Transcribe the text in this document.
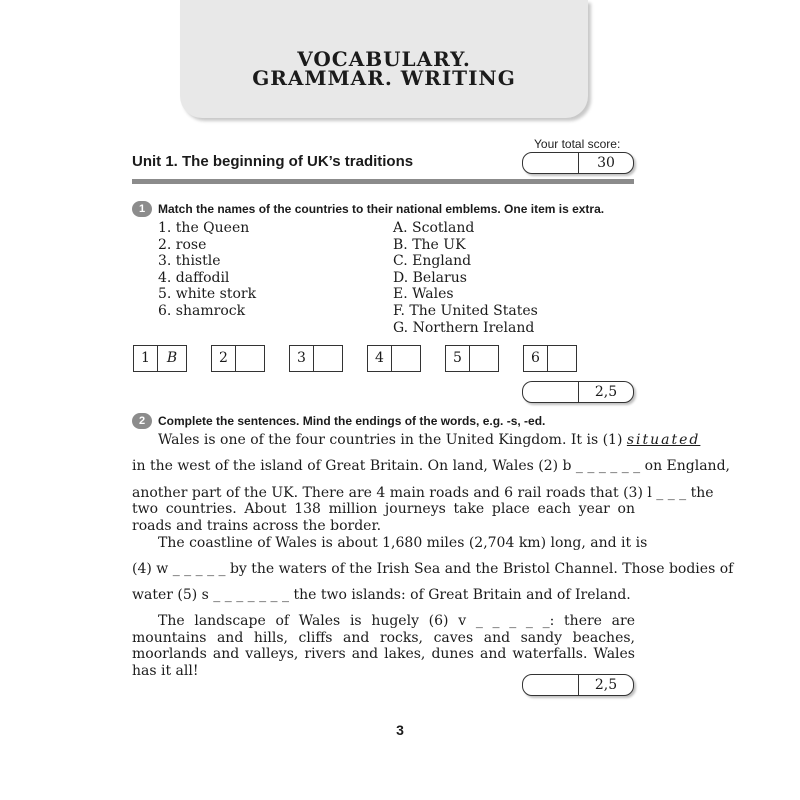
VOCABULARY.
GRAMMAR. WRITING
Your total score:
30
Unit 1. The beginning of UK’s traditions
1 Match the names of the countries to their national emblems. One item is extra.
1. the Queen
2. rose
3. thistle
4. daffodil
5. white stork
6. shamrock
A. Scotland
B. The UK
C. England
D. Belarus
E. Wales
F. The United States
G. Northern Ireland
1	B	2	3	4	5	6
2,5
2 Complete the sentences. Mind the endings of the words, e.g. -s, -ed.
Wales is one of the four countries in the United Kingdom. It is (1) situated
in the west of the island of Great Britain. On land, Wales (2) b _ _ _ _ _ _ on England,
another part of the UK. There are 4 main roads and 6 rail roads that (3) l _ _ _ the
two countries. About 138 million journeys take place each year on roads and trains across the border.
The coastline of Wales is about 1,680 miles (2,704 km) long, and it is
(4) w _ _ _ _ _ by the waters of the Irish Sea and the Bristol Channel. Those bodies of
water (5) s _ _ _ _ _ _ _ the two islands: of Great Britain and of Ireland.
The landscape of Wales is hugely (6) v _ _ _ _ _: there are mountains and hills, cliffs and rocks, caves and sandy beaches, moorlands and valleys, rivers and lakes, dunes and waterfalls. Wales has it all!
2,5
3
